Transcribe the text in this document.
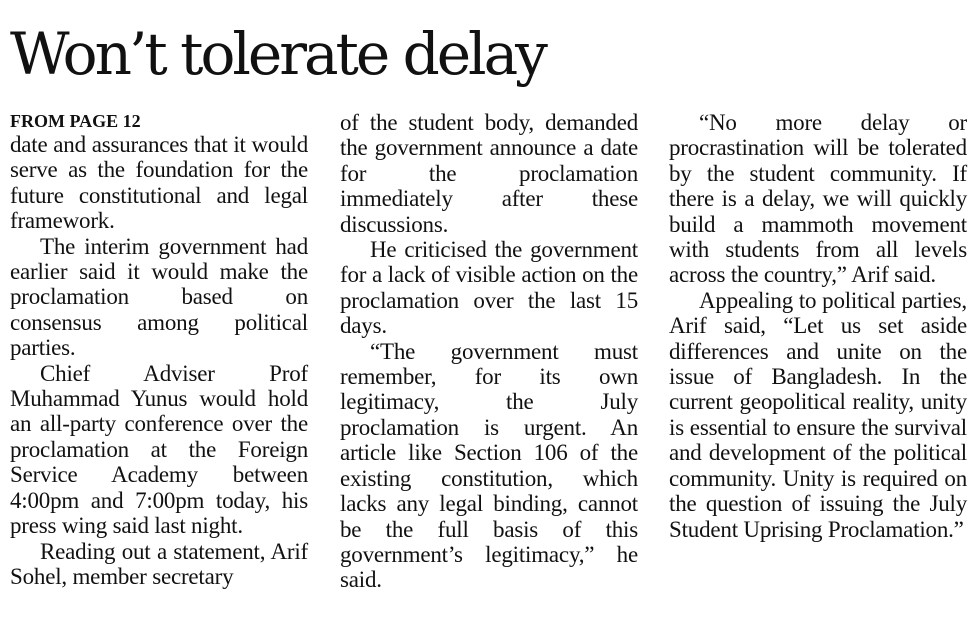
Won’t tolerate delay
FROM PAGE 12

date and assurances that it would serve as the foundation for the future constitutional and legal framework.

The interim government had earlier said it would make the proclamation based on consensus among political parties.

Chief Adviser Prof Muhammad Yunus would hold an all-party conference over the proclamation at the Foreign Service Academy between 4:00pm and 7:00pm today, his press wing said last night.

Reading out a statement, Arif Sohel, member secretary

of the student body, demanded the government announce a date for the proclamation immediately after these discussions.

He criticised the government for a lack of visible action on the proclamation over the last 15 days.

“The government must remember, for its own legitimacy, the July proclamation is urgent. An article like Section 106 of the existing constitution, which lacks any legal binding, cannot be the full basis of this government’s legitimacy,” he said.

“No more delay or procrastination will be tolerated by the student community. If there is a delay, we will quickly build a mammoth movement with students from all levels across the country,” Arif said.

Appealing to political parties, Arif said, “Let us set aside differences and unite on the issue of Bangladesh. In the current geopolitical reality, unity is essential to ensure the survival and development of the political community. Unity is required on the question of issuing the July Student Uprising Proclamation.”
